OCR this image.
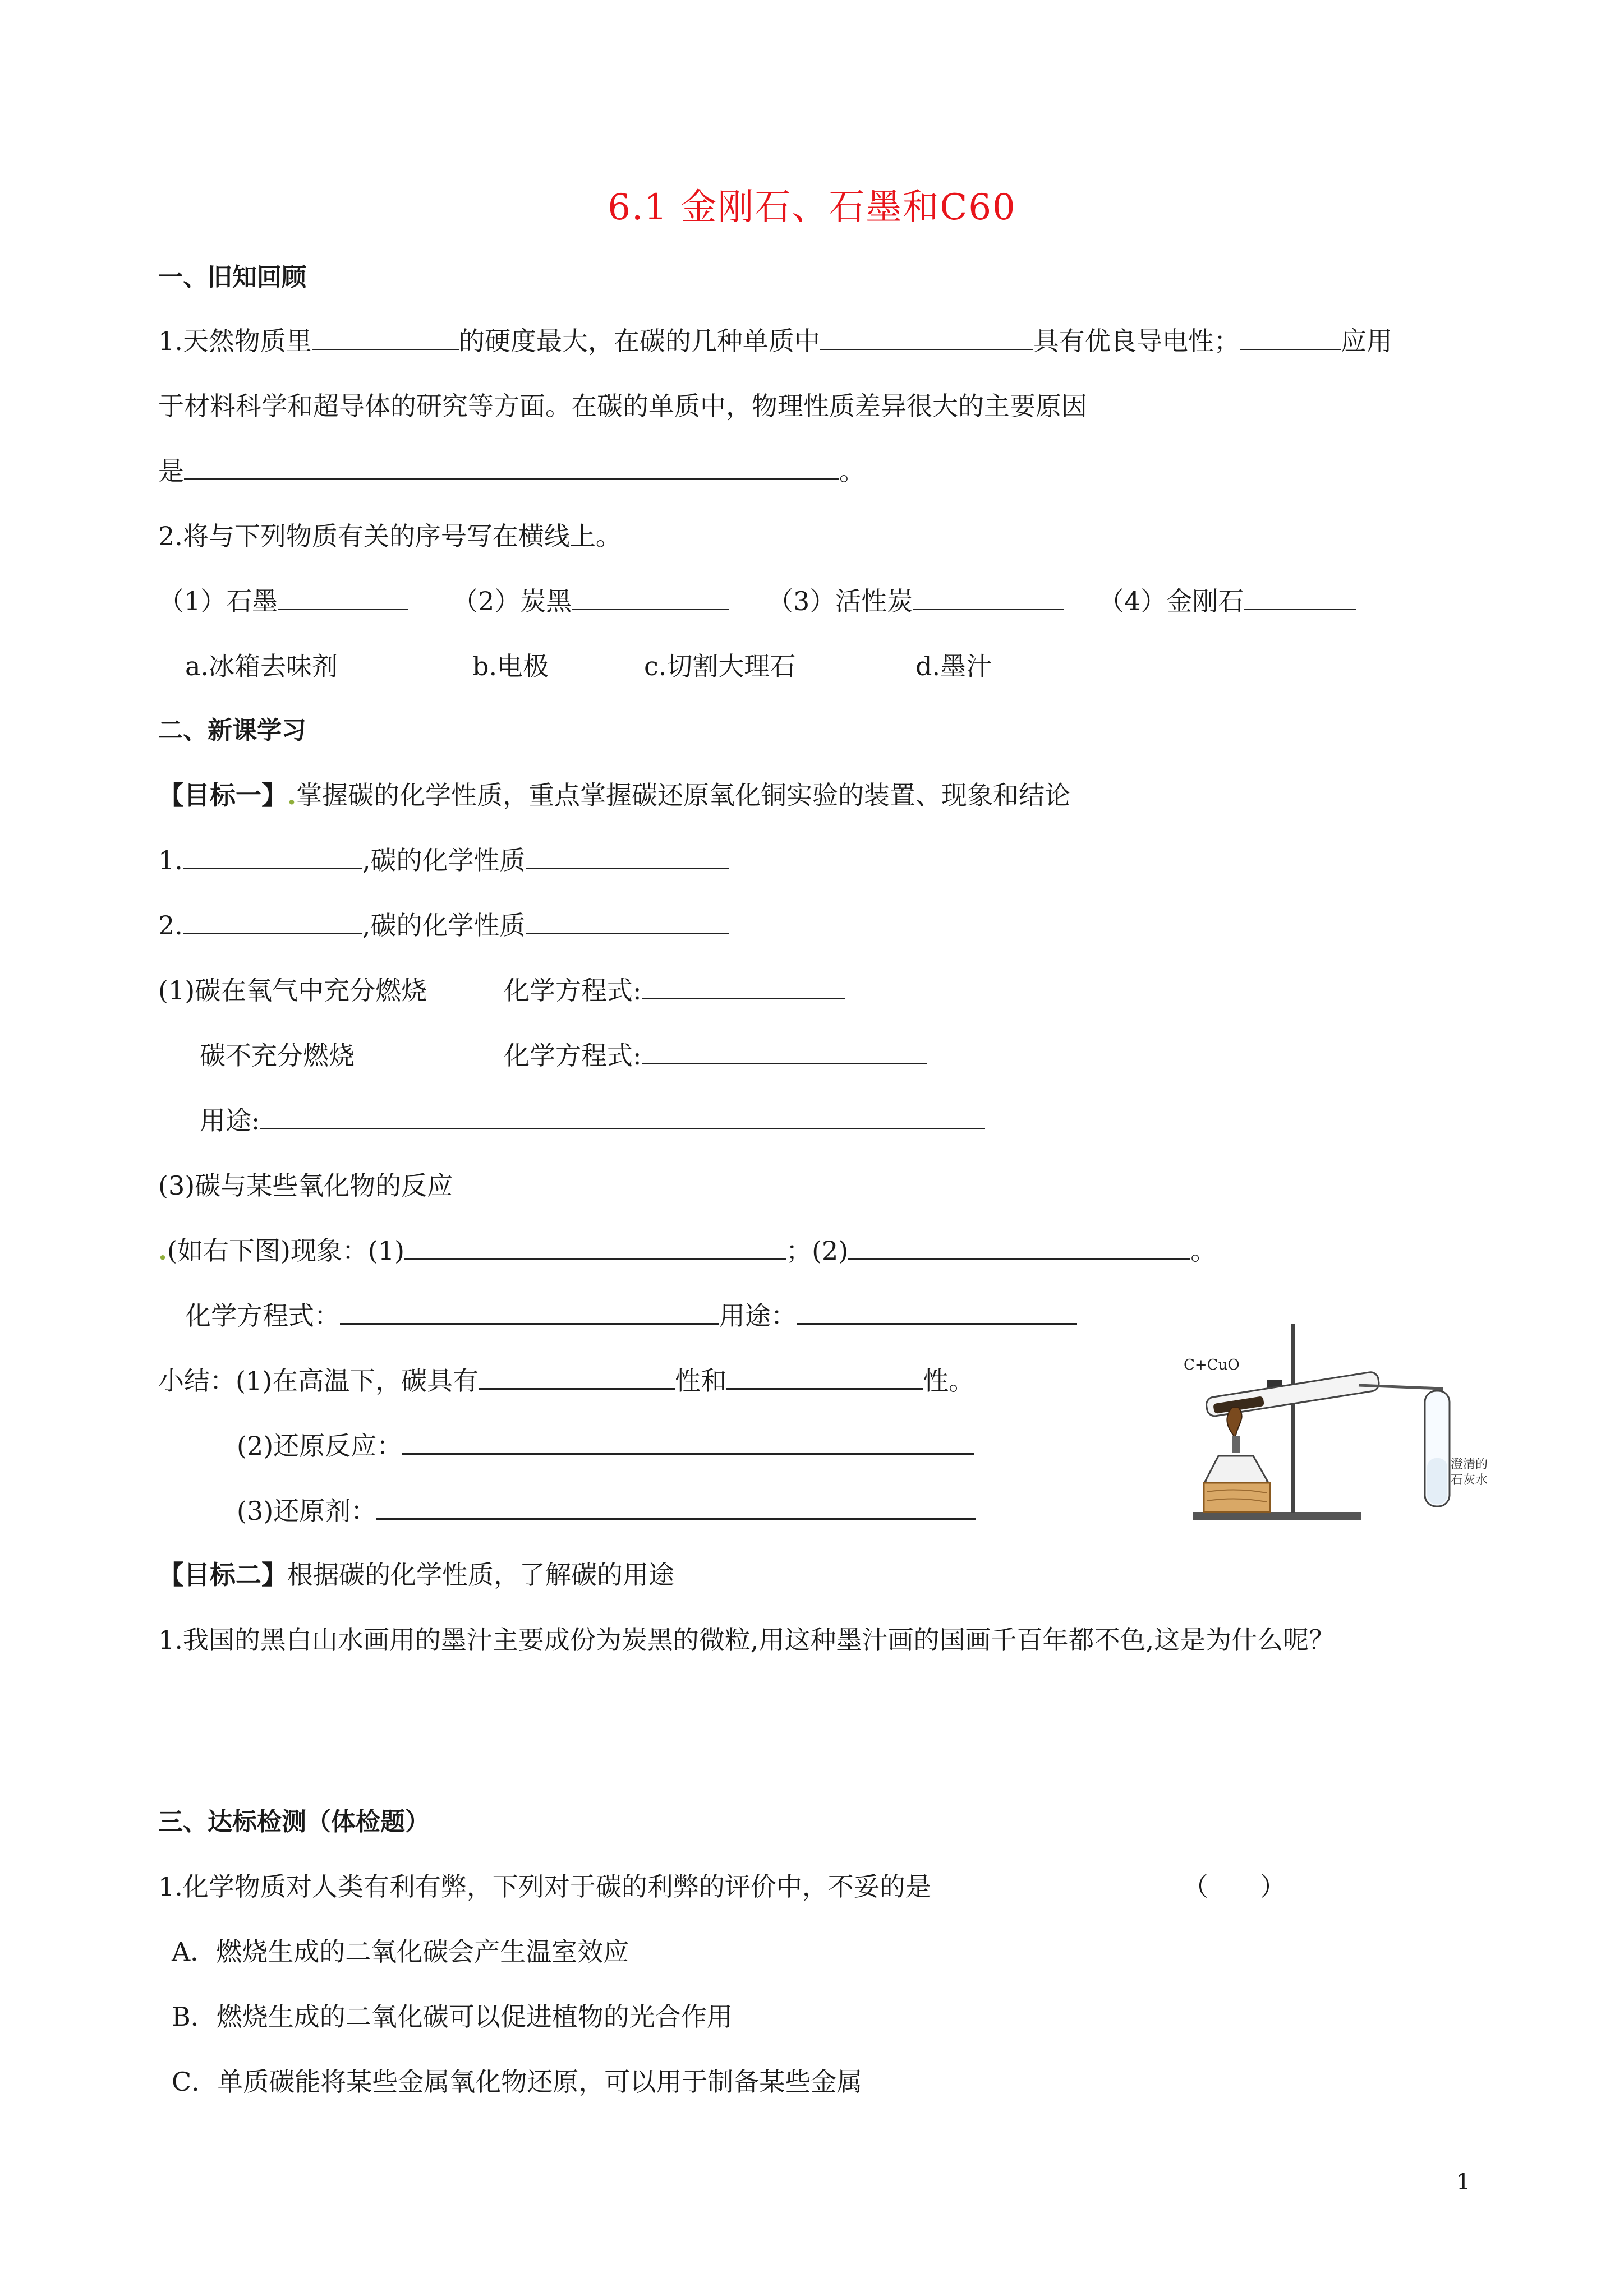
6.1 金刚石、石墨和C60
一、旧知回顾
1.天然物质里	的硬度最大，在碳的几种单质中	具有优良导电性；	应用
于材料科学和超导体的研究等方面。在碳的单质中，物理性质差异很大的主要原因
是	。
2.将与下列物质有关的序号写在横线上。
（1）石墨	（2）炭黑	（3）活性炭	（4）金刚石
a.冰箱去味剂	b.电极	c.切割大理石	d.墨汁
二、新课学习
【目标一】.掌握碳的化学性质，重点掌握碳还原氧化铜实验的装置、现象和结论
1.	,碳的化学性质
2.	,碳的化学性质
(1)碳在氧气中充分燃烧	化学方程式:
碳不充分燃烧	化学方程式:
用途:
(3)碳与某些氧化物的反应
.(如右下图)现象：(1)	；(2)	。
化学方程式：	用途：
小结：(1)在高温下，碳具有	性和	性。
(2)还原反应：
(3)还原剂：
C+CuO
澄清的
石灰水
【目标二】根据碳的化学性质，了解碳的用途
1.我国的黑白山水画用的墨汁主要成份为炭黑的微粒,用这种墨汁画的国画千百年都不色,这是为什么呢？
三、达标检测（体检题）
1.化学物质对人类有利有弊，下列对于碳的利弊的评价中，不妥的是	（　　）
A．燃烧生成的二氧化碳会产生温室效应
B．燃烧生成的二氧化碳可以促进植物的光合作用
C．单质碳能将某些金属氧化物还原，可以用于制备某些金属
1
